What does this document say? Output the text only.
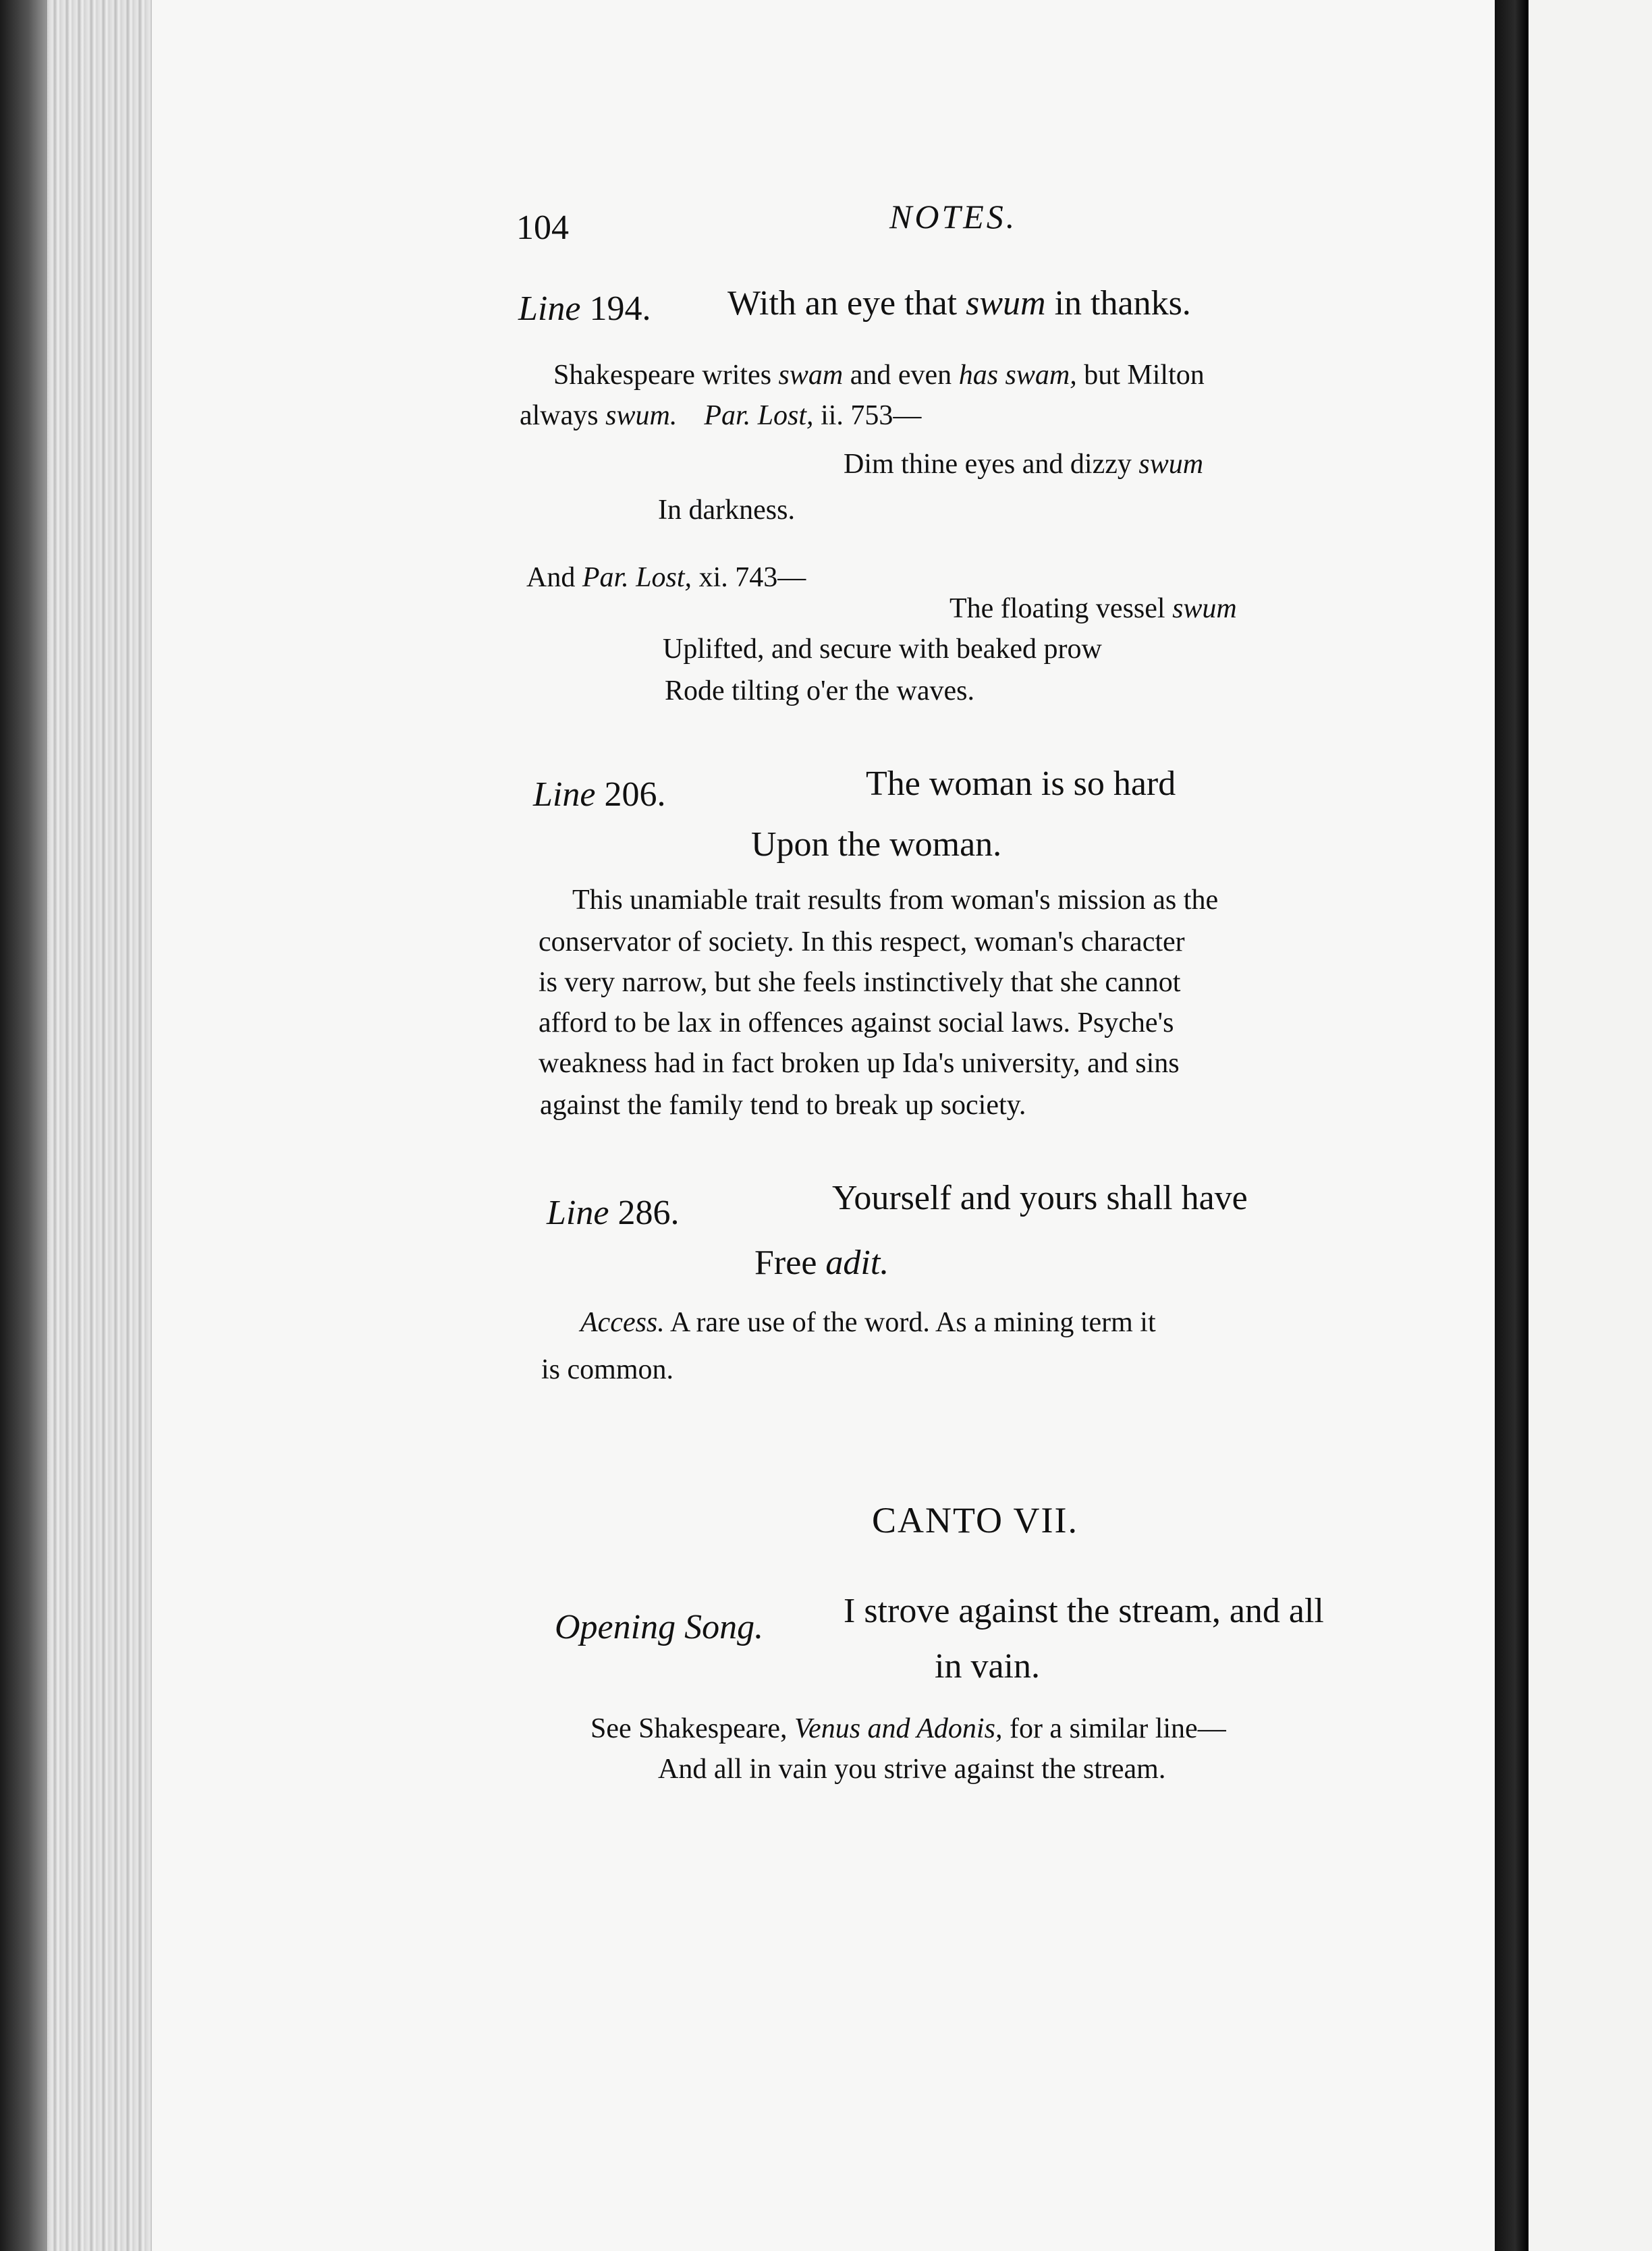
104	NOTES.
Line 194. With an eye that swum in thanks.
Shakespeare writes swam and even has swam, but Milton
always swum. Par. Lost, ii. 753—
Dim thine eyes and dizzy swum
In darkness.
And Par. Lost, xi. 743—
The floating vessel swum
Uplifted, and secure with beaked prow
Rode tilting o'er the waves.
Line 206.	The woman is so hard
Upon the woman.
This unamiable trait results from woman's mission as the
conservator of society. In this respect, woman's character
is very narrow, but she feels instinctively that she cannot
afford to be lax in offences against social laws. Psyche's
weakness had in fact broken up Ida's university, and sins
against the family tend to break up society.
Line 286.	Yourself and yours shall have
Free adit.
Access. A rare use of the word. As a mining term it
is common.
CANTO VII.
Opening Song. I strove against the stream, and all
in vain.
See Shakespeare, Venus and Adonis, for a similar line—
And all in vain you strive against the stream.
